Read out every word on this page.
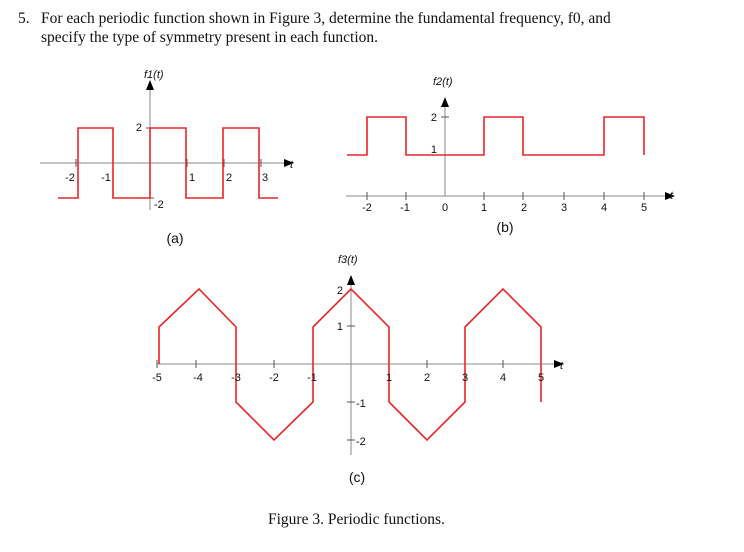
5. For each periodic function shown in Figure 3, determine the fundamental frequency, f0, and
specify the type of symmetry present in each function.
-2 -1	1	2	3
2
-2
t
f1(t)
(a)
-2	-1	0	1	2	3	4	5
2
1
t
f2(t)
(b)
-5	-4	-3	-2	-1	1	2	3	4	5
2
1
-1
-2
t
f3(t)
(c)
Figure 3. Periodic functions.
